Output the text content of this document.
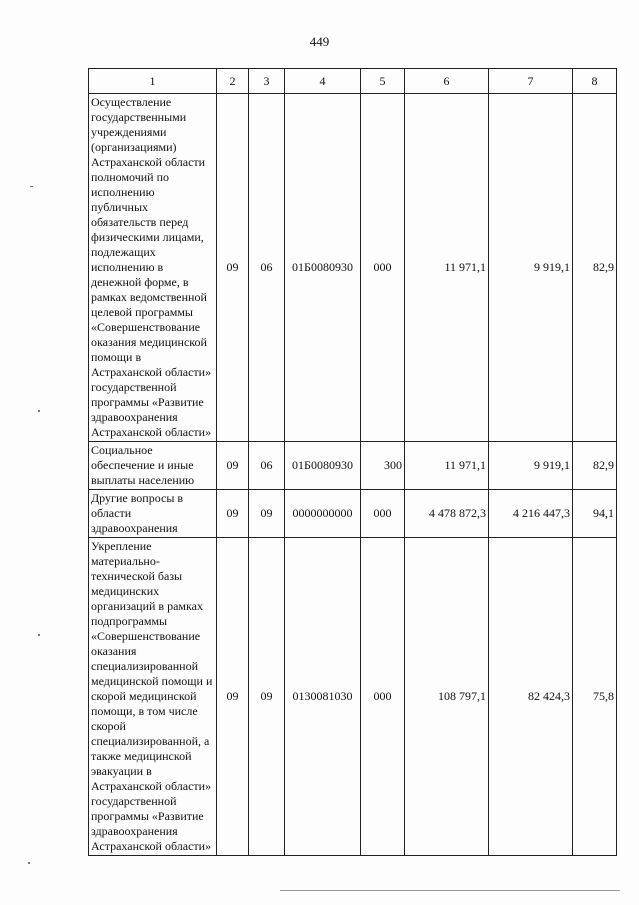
449
1	2	3	4	5	6	7	8
Осуществление государственными учреждениями (организациями) Астраханской области полномочий по исполнению публичных обязательств перед физическими лицами, подлежащих исполнению в денежной форме, в рамках ведомственной целевой программы «Совершенствование оказания медицинской помощи в Астраханской области» государственной программы «Развитие здравоохранения Астраханской области»	09	06	01Б0080930	000	11 971,1	9 919,1	82,9
Социальное обеспечение и иные выплаты населению	09	06	01Б0080930	300	11 971,1	9 919,1	82,9
Другие вопросы в области здравоохранения	09	09	0000000000	000	4 478 872,3	4 216 447,3	94,1
Укрепление материально-технической базы медицинских организаций в рамках подпрограммы «Совершенствование оказания специализированной медицинской помощи и скорой медицинской помощи, в том числе скорой специализированной, а также медицинской эвакуации в Астраханской области» государственной программы «Развитие здравоохранения Астраханской области»	09	09	0130081030	000	108 797,1	82 424,3	75,8
